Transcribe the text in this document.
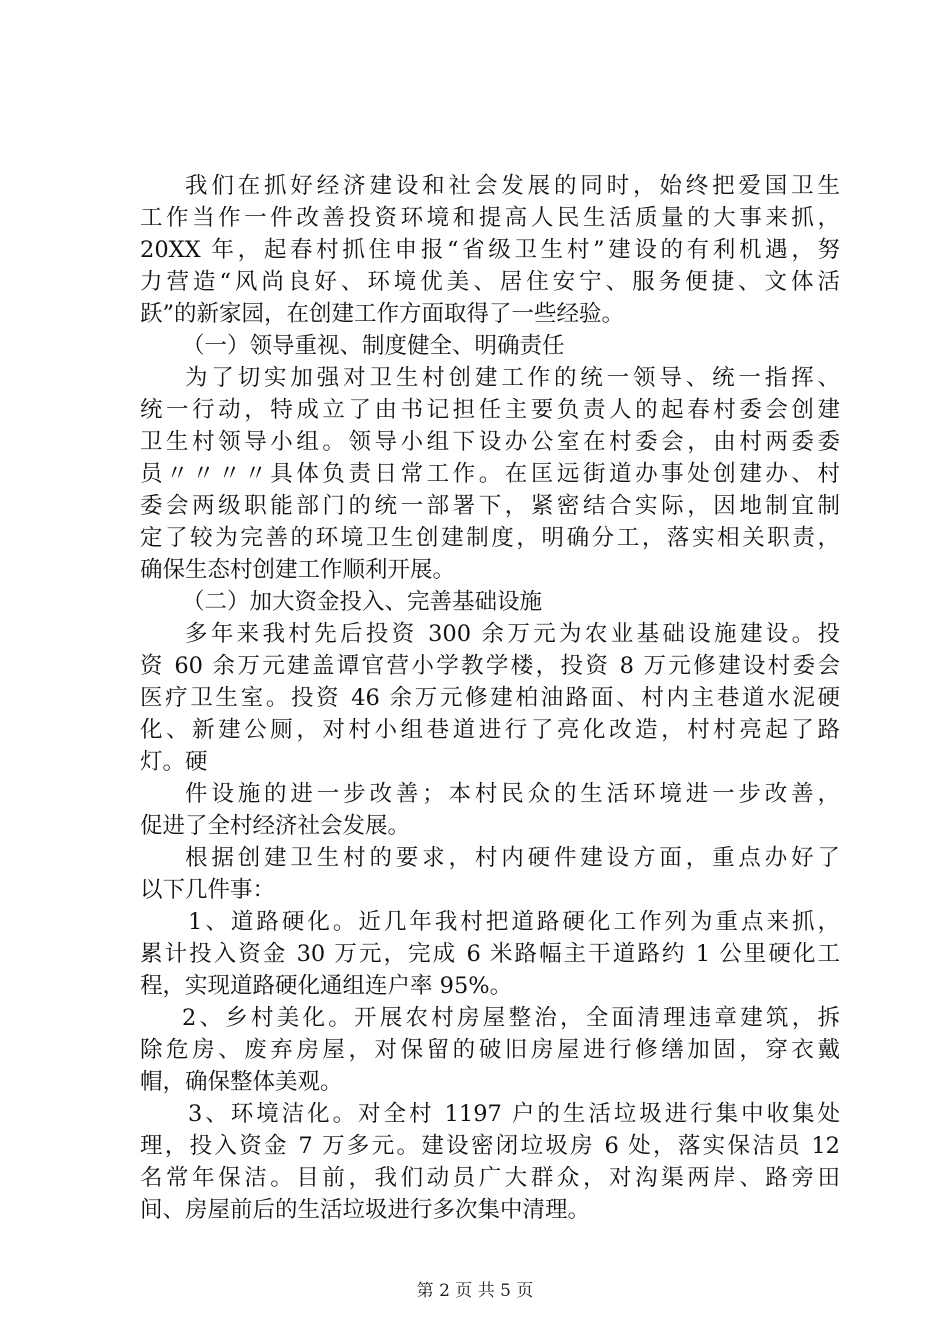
我们在抓好经济建设和社会发展的同时，始终把爱国卫生
工作当作一件改善投资环境和提高人民生活质量的大事来抓，
20XX 年，起春村抓住申报“省级卫生村”建设的有利机遇，努
力营造“风尚良好、环境优美、居住安宁、服务便捷、文体活
跃”的新家园，在创建工作方面取得了一些经验。
（一）领导重视、制度健全、明确责任
为了切实加强对卫生村创建工作的统一领导、统一指挥、
统一行动，特成立了由书记担任主要负责人的起春村委会创建
卫生村领导小组。领导小组下设办公室在村委会，由村两委委
员〃〃〃〃具体负责日常工作。在匡远街道办事处创建办、村
委会两级职能部门的统一部署下，紧密结合实际，因地制宜制
定了较为完善的环境卫生创建制度，明确分工，落实相关职责，
确保生态村创建工作顺利开展。
（二）加大资金投入、完善基础设施
多年来我村先后投资 300 余万元为农业基础设施建设。投
资 60 余万元建盖谭官营小学教学楼，投资 8 万元修建设村委会
医疗卫生室。投资 46 余万元修建柏油路面、村内主巷道水泥硬
化、新建公厕，对村小组巷道进行了亮化改造，村村亮起了路
灯。硬
件设施的进一步改善；本村民众的生活环境进一步改善，
促进了全村经济社会发展。
根据创建卫生村的要求，村内硬件建设方面，重点办好了
以下几件事：
1、道路硬化。近几年我村把道路硬化工作列为重点来抓，
累计投入资金 30 万元，完成 6 米路幅主干道路约 1 公里硬化工
程，实现道路硬化通组连户率 95%。
2、乡村美化。开展农村房屋整治，全面清理违章建筑，拆
除危房、废弃房屋，对保留的破旧房屋进行修缮加固，穿衣戴
帽，确保整体美观。
3、环境洁化。对全村 1197 户的生活垃圾进行集中收集处
理，投入资金 7 万多元。建设密闭垃圾房 6 处，落实保洁员 12
名常年保洁。目前，我们动员广大群众，对沟渠两岸、路旁田
间、房屋前后的生活垃圾进行多次集中清理。
第 2 页 共 5 页
